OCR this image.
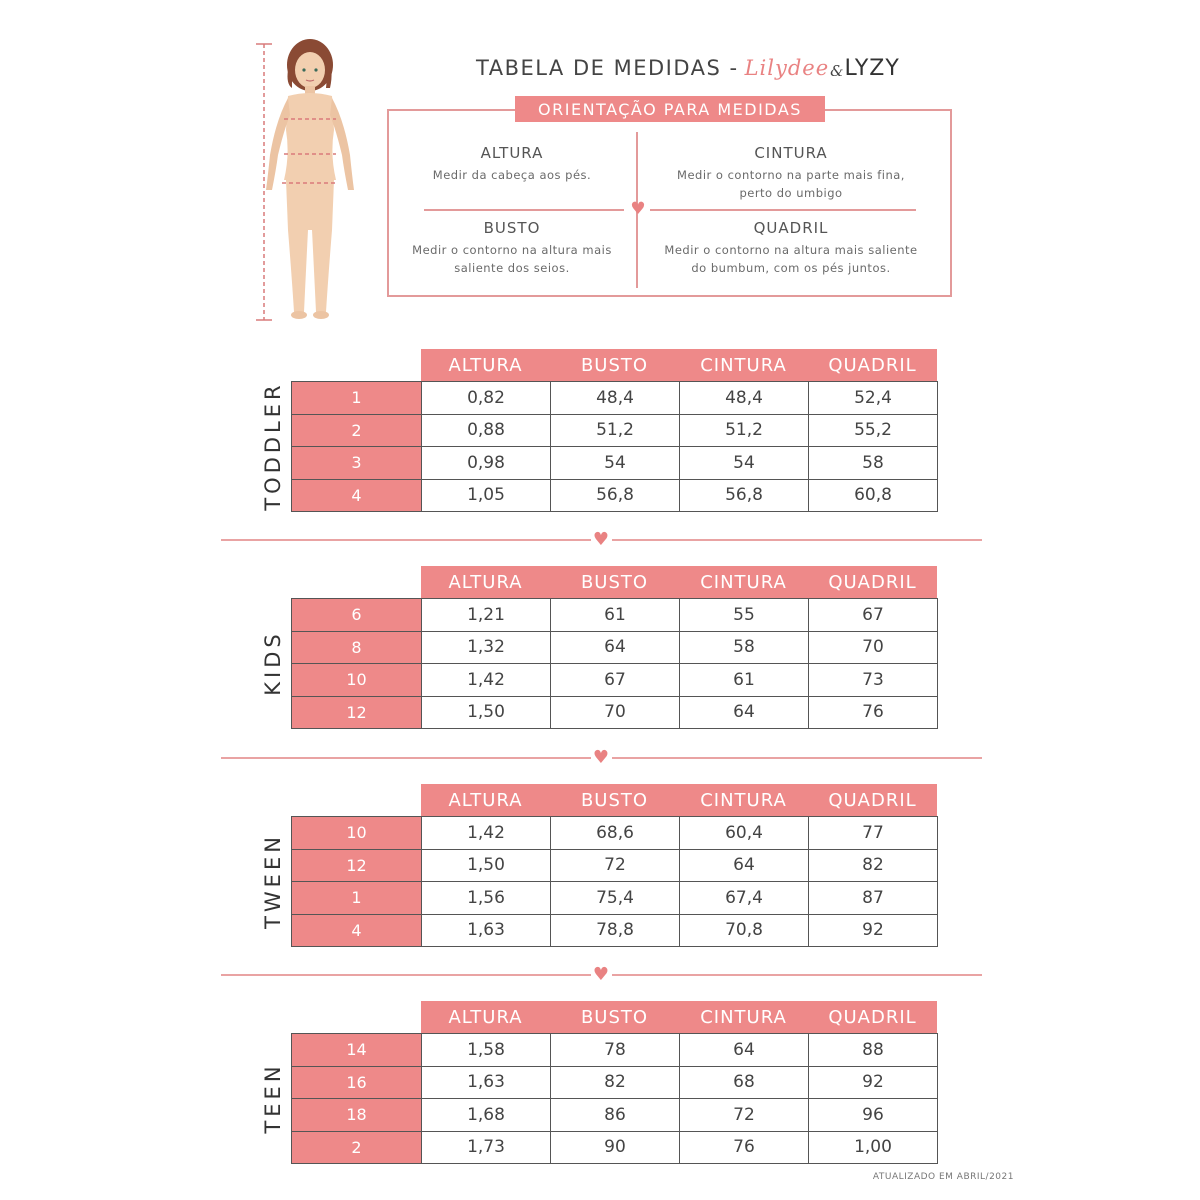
TABELA DE MEDIDAS - Lilydee & LYZY
ORIENTAÇÃO PARA MEDIDAS
♥
ALTURA
Medir da cabeça aos pés.
CINTURA
Medir o contorno na parte mais fina, perto do umbigo
BUSTO
Medir o contorno na altura mais saliente dos seios.
QUADRIL
Medir o contorno na altura mais saliente do bumbum, com os pés juntos.
ALTURA	BUSTO	CINTURA	QUADRIL
1	0,82	48,4	48,4	52,4
2	0,88	51,2	51,2	55,2
3	0,98	54	54	58
4	1,05	56,8	56,8	60,8
TODDLER
ALTURA	BUSTO	CINTURA	QUADRIL
6	1,21	61	55	67
8	1,32	64	58	70
10	1,42	67	61	73
12	1,50	70	64	76
KIDS
ALTURA	BUSTO	CINTURA	QUADRIL
10	1,42	68,6	60,4	77
12	1,50	72	64	82
1	1,56	75,4	67,4	87
4	1,63	78,8	70,8	92
TWEEN
ALTURA	BUSTO	CINTURA	QUADRIL
14	1,58	78	64	88
16	1,63	82	68	92
18	1,68	86	72	96
2	1,73	90	76	1,00
TEEN
♥
♥
♥
ATUALIZADO EM ABRIL/2021
